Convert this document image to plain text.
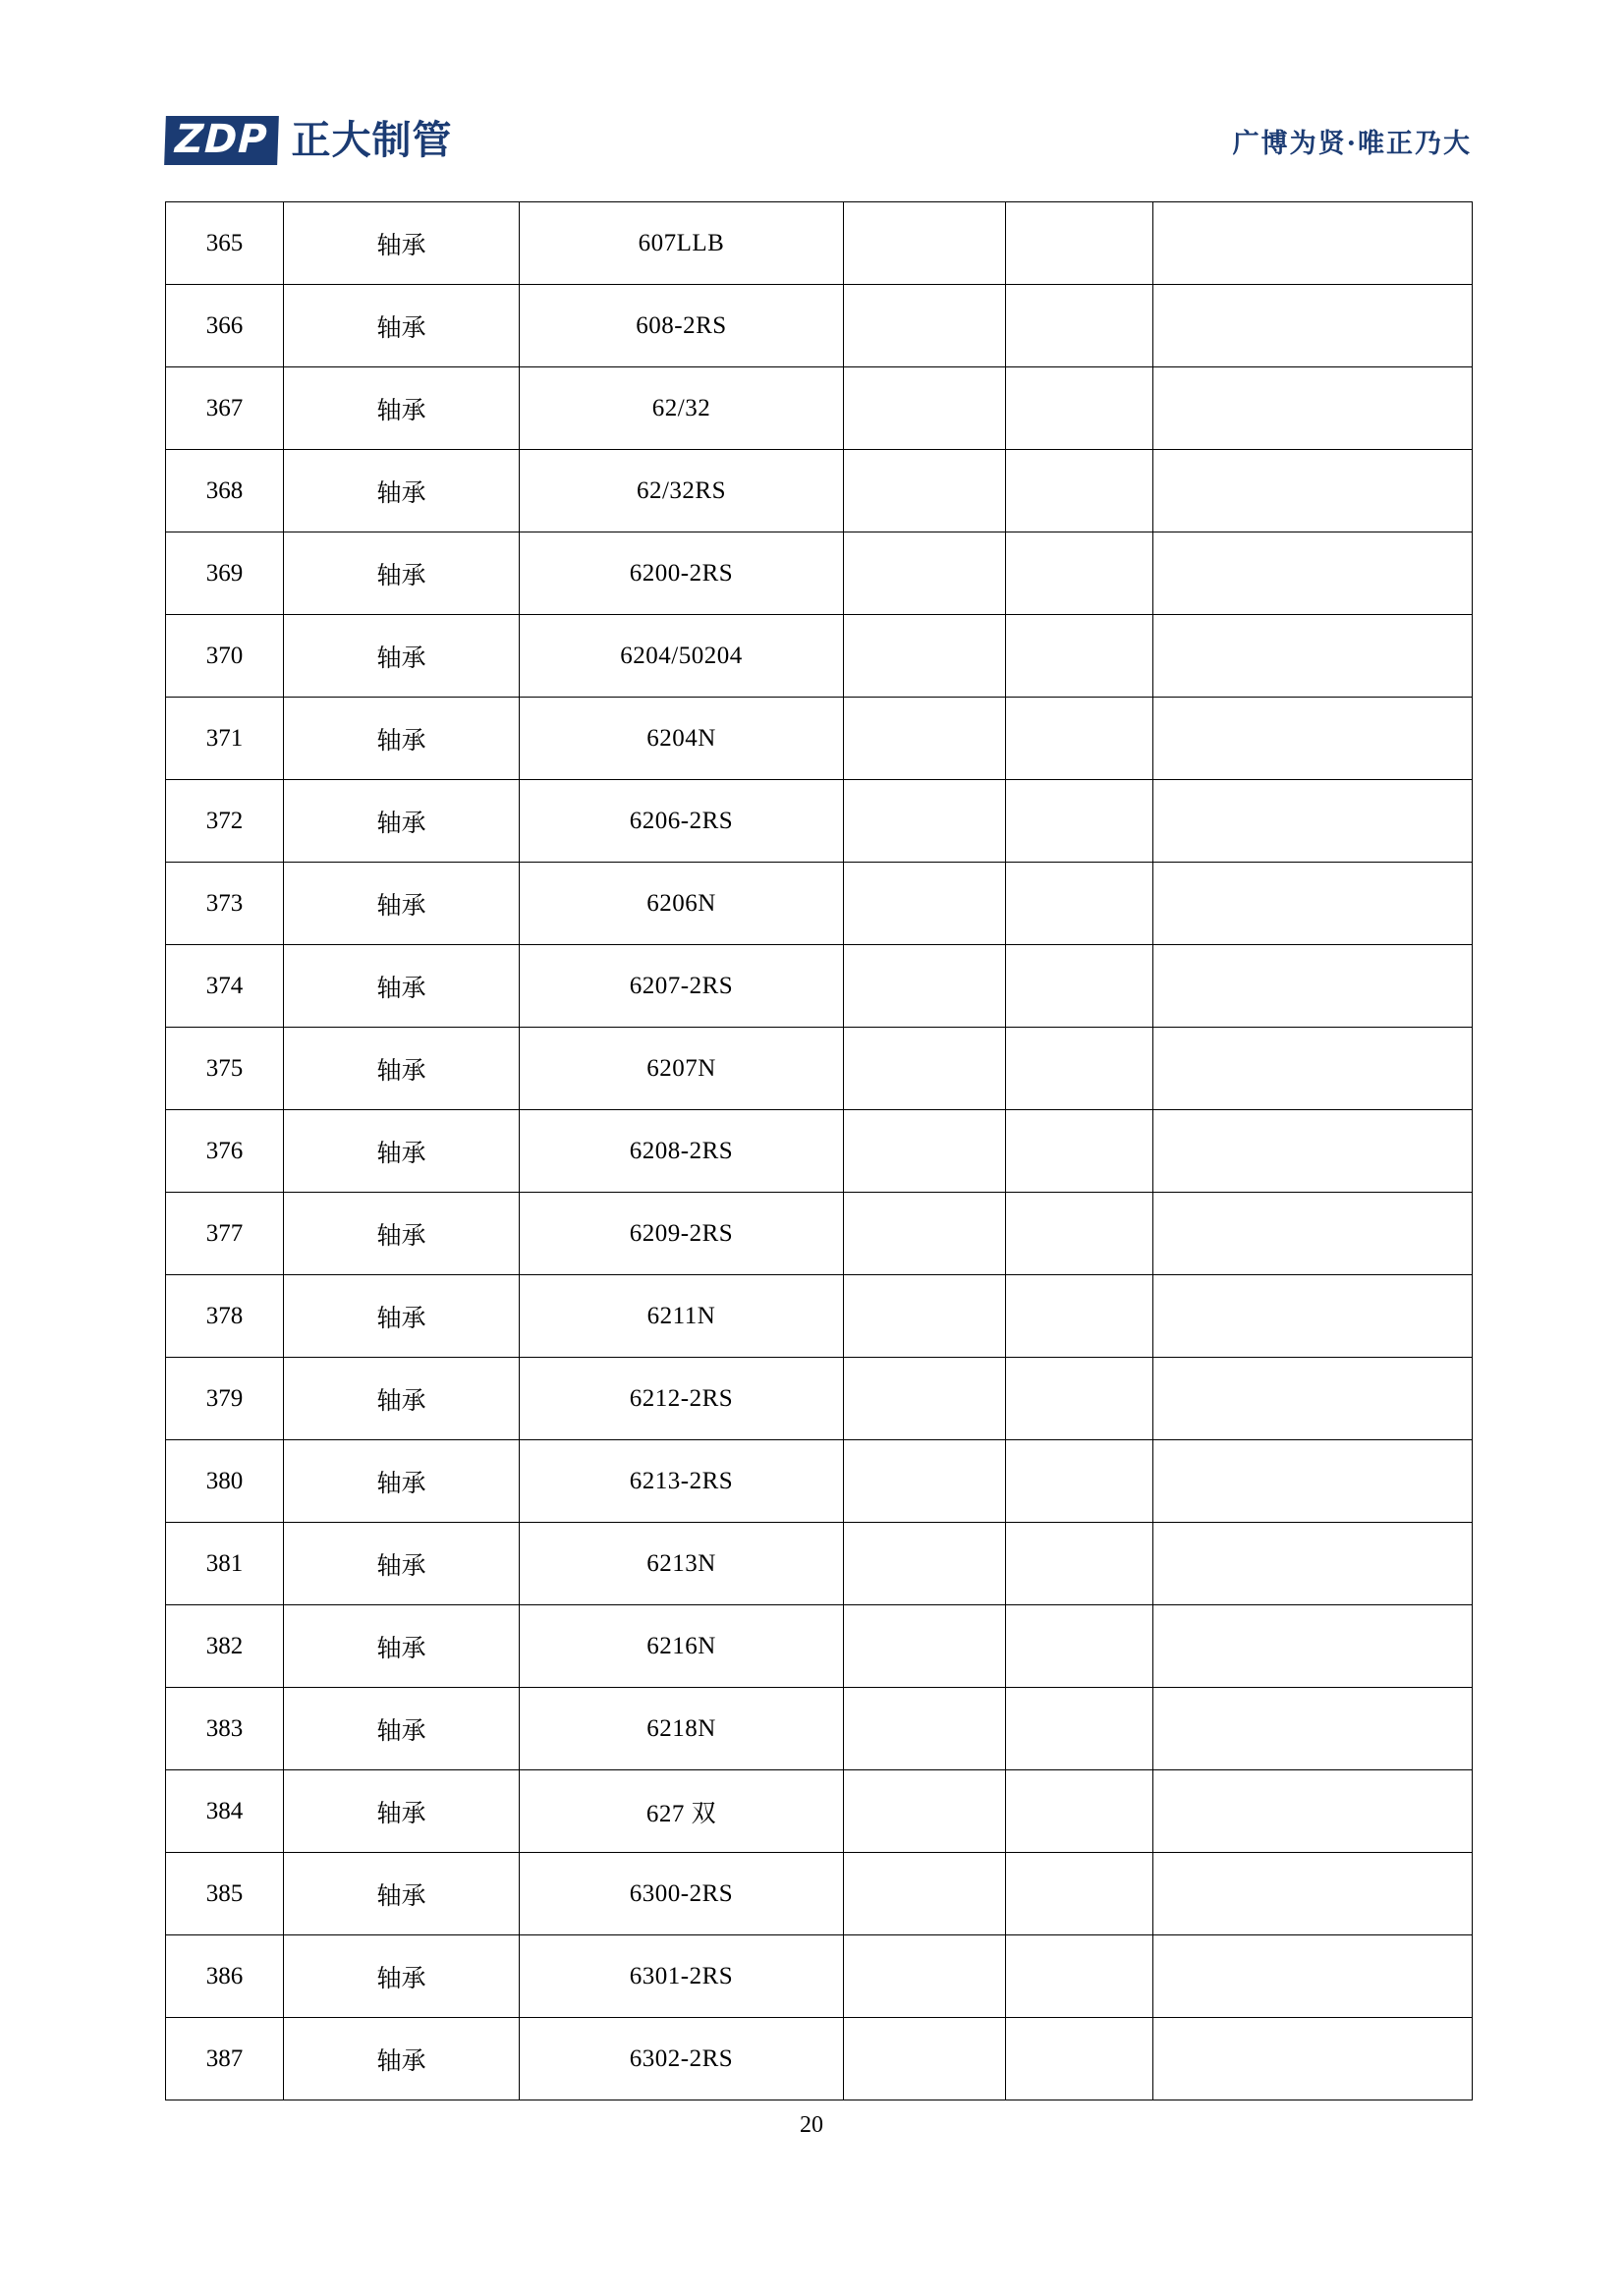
ZDP 正大制管	广博为贤·唯正乃大
365	轴承	607LLB			
366	轴承	608-2RS			
367	轴承	62/32			
368	轴承	62/32RS			
369	轴承	6200-2RS			
370	轴承	6204/50204			
371	轴承	6204N			
372	轴承	6206-2RS			
373	轴承	6206N			
374	轴承	6207-2RS			
375	轴承	6207N			
376	轴承	6208-2RS			
377	轴承	6209-2RS			
378	轴承	6211N			
379	轴承	6212-2RS			
380	轴承	6213-2RS			
381	轴承	6213N			
382	轴承	6216N			
383	轴承	6218N			
384	轴承	627 双			
385	轴承	6300-2RS			
386	轴承	6301-2RS			
387	轴承	6302-2RS			
20
